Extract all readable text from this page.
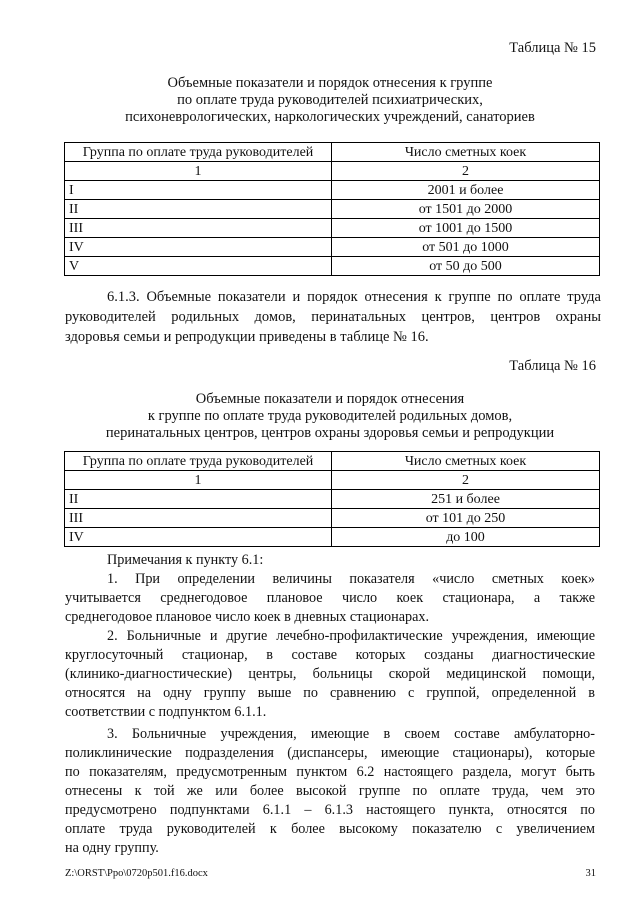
Таблица № 15
Объемные показатели и порядок отнесения к группе
по оплате труда руководителей психиатрических,
психоневрологических, наркологических учреждений, санаториев
Группа по оплате труда руководителей	Число сметных коек
1	2
I	2001 и более
II	от 1501 до 2000
III	от 1001 до 1500
IV	от 501 до 1000
V	от 50 до 500
6.1.3. Объемные показатели и порядок отнесения к группе по оплате труда
руководителей родильных домов, перинатальных центров, центров охраны
здоровья семьи и репродукции приведены в таблице № 16.
Таблица № 16
Объемные показатели и порядок отнесения
к группе по оплате труда руководителей родильных домов,
перинатальных центров, центров охраны здоровья семьи и репродукции
Группа по оплате труда руководителей	Число сметных коек
1	2
II	251 и более
III	от 101 до 250
IV	до 100
Примечания к пункту 6.1:
1. При определении величины показателя «число сметных коек»
учитывается среднегодовое плановое число коек стационара, а также
среднегодовое плановое число коек в дневных стационарах.
2. Больничные и другие лечебно-профилактические учреждения, имеющие
круглосуточный стационар, в составе которых созданы диагностические
(клинико-диагностические) центры, больницы скорой медицинской помощи,
относятся на одну группу выше по сравнению с группой, определенной в
соответствии с подпунктом 6.1.1.
3. Больничные учреждения, имеющие в своем составе амбулаторно-
поликлинические подразделения (диспансеры, имеющие стационары), которые
по показателям, предусмотренным пунктом 6.2 настоящего раздела, могут быть
отнесены к той же или более высокой группе по оплате труда, чем это
предусмотрено подпунктами 6.1.1 – 6.1.3 настоящего пункта, относятся по
оплате труда руководителей к более высокому показателю с увеличением
на одну группу.
Z:\ORST\Ppo\0720p501.f16.docx	31
